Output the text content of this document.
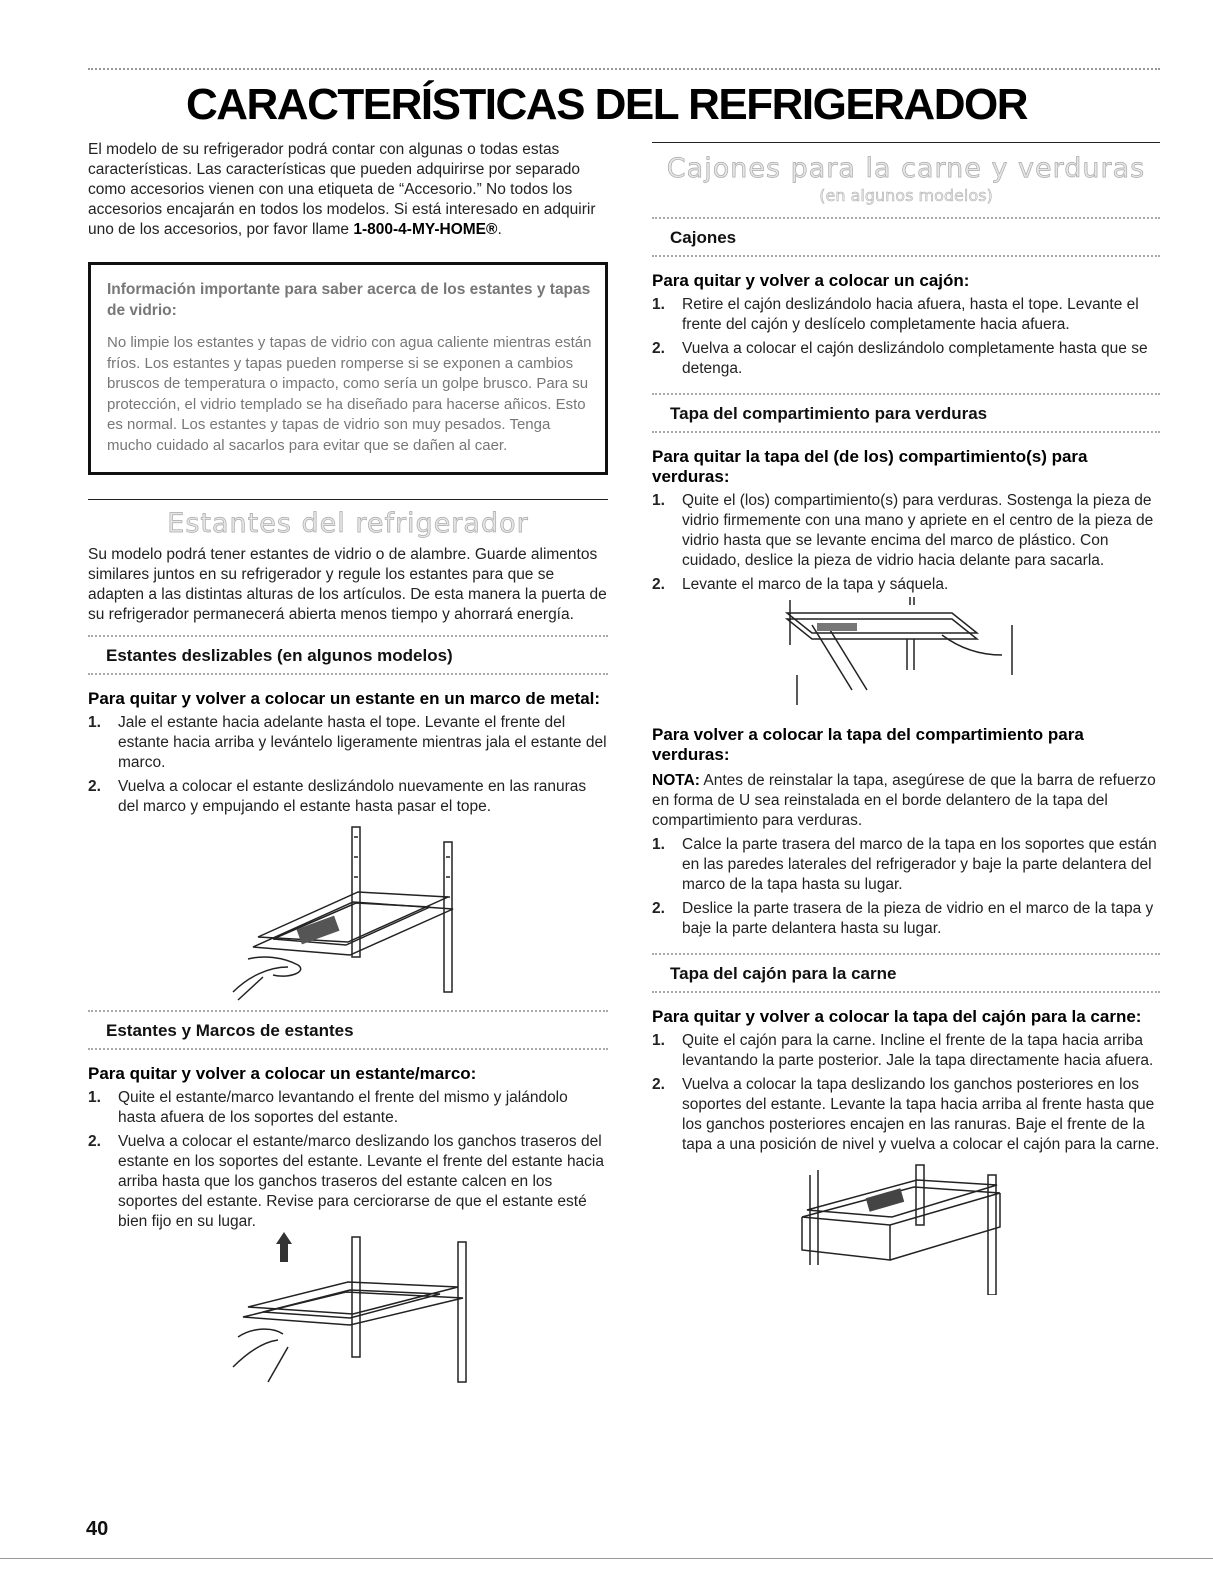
CARACTERÍSTICAS DEL REFRIGERADOR

El modelo de su refrigerador podrá contar con algunas o todas estas características. Las características que pueden adquirirse por separado como accesorios vienen con una etiqueta de “Accesorio.” No todos los accesorios encajarán en todos los modelos. Si está interesado en adquirir uno de los accesorios, por favor llame 1-800-4-MY-HOME®.

Información importante para saber acerca de los estantes y tapas de vidrio:
No limpie los estantes y tapas de vidrio con agua caliente mientras están fríos. Los estantes y tapas pueden romperse si se exponen a cambios bruscos de temperatura o impacto, como sería un golpe brusco. Para su protección, el vidrio templado se ha diseñado para hacerse añicos. Esto es normal. Los estantes y tapas de vidrio son muy pesados. Tenga mucho cuidado al sacarlos para evitar que se dañen al caer.
Estantes del refrigerador

Su modelo podrá tener estantes de vidrio o de alambre. Guarde alimentos similares juntos en su refrigerador y regule los estantes para que se adapten a las distintas alturas de los artículos. De esta manera la puerta de su refrigerador permanecerá abierta menos tiempo y ahorrará energía.

Estantes deslizables (en algunos modelos)
Para quitar y volver a colocar un estante en un marco de metal:
1. Jale el estante hacia adelante hasta el tope. Levante el frente del estante hacia arriba y levántelo ligeramente mientras jala el estante del marco.
2. Vuelva a colocar el estante deslizándolo nuevamente en las ranuras del marco y empujando el estante hasta pasar el tope.
Estantes y Marcos de estantes
Para quitar y volver a colocar un estante/marco:
1. Quite el estante/marco levantando el frente del mismo y jalándolo hasta afuera de los soportes del estante.
2. Vuelva a colocar el estante/marco deslizando los ganchos traseros del estante en los soportes del estante. Levante el frente del estante hacia arriba hasta que los ganchos traseros del estante calcen en los soportes del estante. Revise para cerciorarse de que el estante esté bien fijo en su lugar.
Cajones para la carne y verduras
(en algunos modelos)
Cajones
Para quitar y volver a colocar un cajón:
1. Retire el cajón deslizándolo hacia afuera, hasta el tope. Levante el frente del cajón y deslícelo completamente hacia afuera.
2. Vuelva a colocar el cajón deslizándolo completamente hasta que se detenga.
Tapa del compartimiento para verduras
Para quitar la tapa del (de los) compartimiento(s) para verduras:
1. Quite el (los) compartimiento(s) para verduras. Sostenga la pieza de vidrio firmemente con una mano y apriete en el centro de la pieza de vidrio hasta que se levante encima del marco de plástico. Con cuidado, deslice la pieza de vidrio hacia delante para sacarla.
2. Levante el marco de la tapa y sáquela.
Para volver a colocar la tapa del compartimiento para verduras:

NOTA: Antes de reinstalar la tapa, asegúrese de que la barra de refuerzo en forma de U sea reinstalada en el borde delantero de la tapa del compartimiento para verduras.

1. Calce la parte trasera del marco de la tapa en los soportes que están en las paredes laterales del refrigerador y baje la parte delantera del marco de la tapa hasta su lugar.
2. Deslice la parte trasera de la pieza de vidrio en el marco de la tapa y baje la parte delantera hasta su lugar.
Tapa del cajón para la carne
Para quitar y volver a colocar la tapa del cajón para la carne:
1. Quite el cajón para la carne. Incline el frente de la tapa hacia arriba levantando la parte posterior. Jale la tapa directamente hacia afuera.
2. Vuelva a colocar la tapa deslizando los ganchos posteriores en los soportes del estante. Levante la tapa hacia arriba al frente hasta que los ganchos posteriores encajen en las ranuras. Baje el frente de la tapa a una posición de nivel y vuelva a colocar el cajón para la carne.
40
